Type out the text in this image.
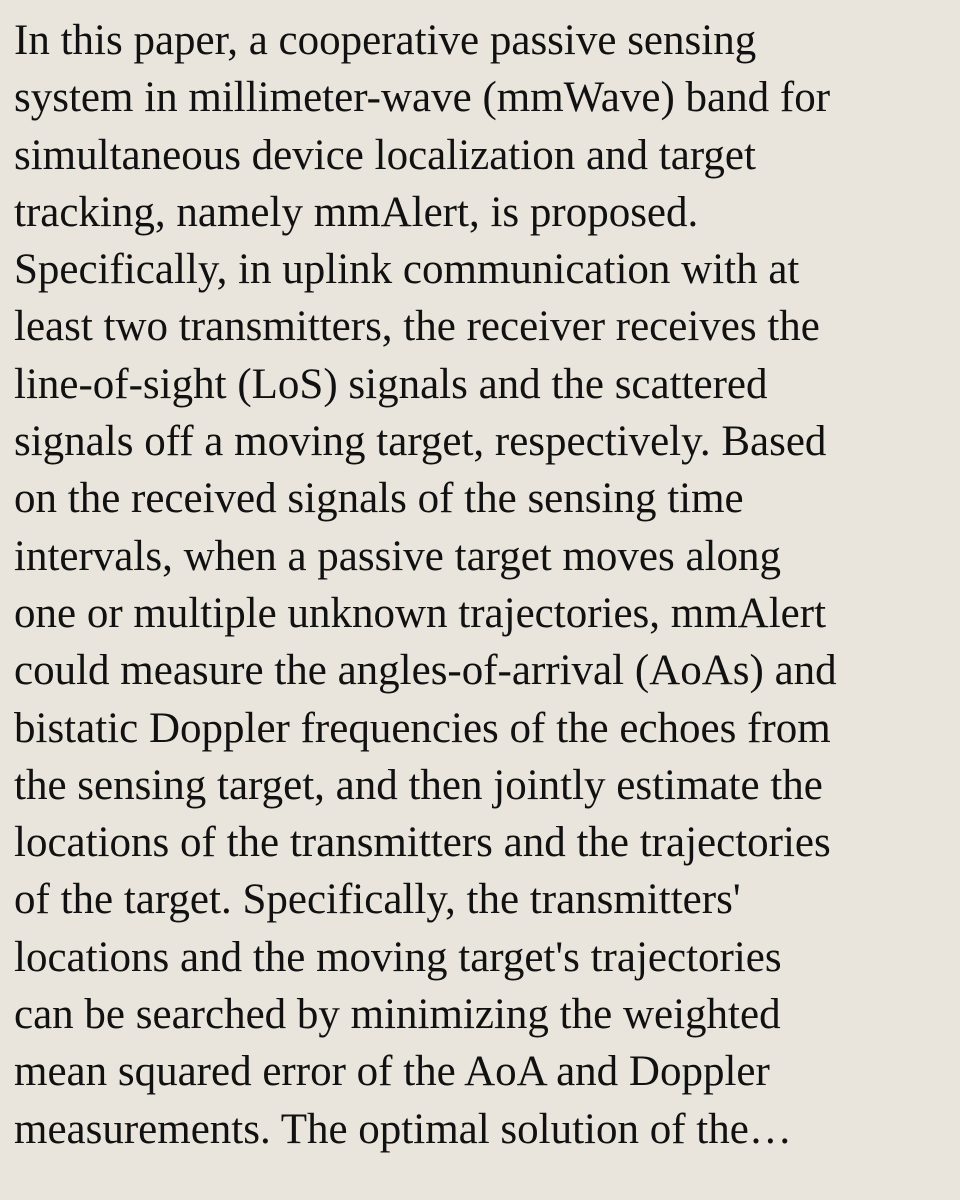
In this paper, a cooperative passive sensing
system in millimeter-wave (mmWave) band for
simultaneous device localization and target
tracking, namely mmAlert, is proposed.
Specifically, in uplink communication with at
least two transmitters, the receiver receives the
line-of-sight (LoS) signals and the scattered
signals off a moving target, respectively. Based
on the received signals of the sensing time
intervals, when a passive target moves along
one or multiple unknown trajectories, mmAlert
could measure the angles-of-arrival (AoAs) and
bistatic Doppler frequencies of the echoes from
the sensing target, and then jointly estimate the
locations of the transmitters and the trajectories
of the target. Specifically, the transmitters'
locations and the moving target's trajectories
can be searched by minimizing the weighted
mean squared error of the AoA and Doppler
measurements. The optimal solution of the…
